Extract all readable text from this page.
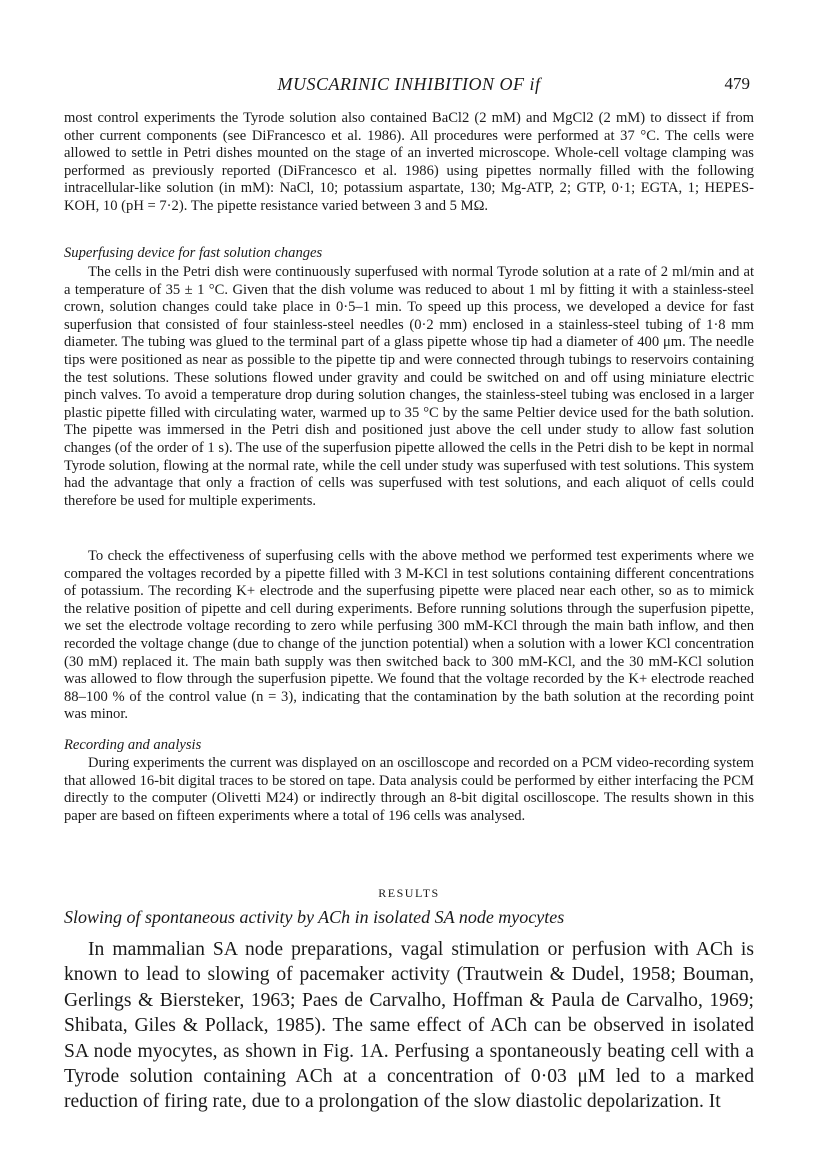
MUSCARINIC INHIBITION OF if	479

most control experiments the Tyrode solution also contained BaCl2 (2 mM) and MgCl2 (2 mM) to dissect if from other current components (see DiFrancesco et al. 1986). All procedures were performed at 37 °C. The cells were allowed to settle in Petri dishes mounted on the stage of an inverted microscope. Whole-cell voltage clamping was performed as previously reported (DiFrancesco et al. 1986) using pipettes normally filled with the following intracellular-like solution (in mM): NaCl, 10; potassium aspartate, 130; Mg-ATP, 2; GTP, 0·1; EGTA, 1; HEPES-KOH, 10 (pH = 7·2). The pipette resistance varied between 3 and 5 MΩ.

Superfusing device for fast solution changes

The cells in the Petri dish were continuously superfused with normal Tyrode solution at a rate of 2 ml/min and at a temperature of 35 ± 1 °C. Given that the dish volume was reduced to about 1 ml by fitting it with a stainless-steel crown, solution changes could take place in 0·5–1 min. To speed up this process, we developed a device for fast superfusion that consisted of four stainless-steel needles (0·2 mm) enclosed in a stainless-steel tubing of 1·8 mm diameter. The tubing was glued to the terminal part of a glass pipette whose tip had a diameter of 400 μm. The needle tips were positioned as near as possible to the pipette tip and were connected through tubings to reservoirs containing the test solutions. These solutions flowed under gravity and could be switched on and off using miniature electric pinch valves. To avoid a temperature drop during solution changes, the stainless-steel tubing was enclosed in a larger plastic pipette filled with circulating water, warmed up to 35 °C by the same Peltier device used for the bath solution. The pipette was immersed in the Petri dish and positioned just above the cell under study to allow fast solution changes (of the order of 1 s). The use of the superfusion pipette allowed the cells in the Petri dish to be kept in normal Tyrode solution, flowing at the normal rate, while the cell under study was superfused with test solutions. This system had the advantage that only a fraction of cells was superfused with test solutions, and each aliquot of cells could therefore be used for multiple experiments.

To check the effectiveness of superfusing cells with the above method we performed test experiments where we compared the voltages recorded by a pipette filled with 3 M-KCl in test solutions containing different concentrations of potassium. The recording K+ electrode and the superfusing pipette were placed near each other, so as to mimick the relative position of pipette and cell during experiments. Before running solutions through the superfusion pipette, we set the electrode voltage recording to zero while perfusing 300 mM-KCl through the main bath inflow, and then recorded the voltage change (due to change of the junction potential) when a solution with a lower KCl concentration (30 mM) replaced it. The main bath supply was then switched back to 300 mM-KCl, and the 30 mM-KCl solution was allowed to flow through the superfusion pipette. We found that the voltage recorded by the K+ electrode reached 88–100 % of the control value (n = 3), indicating that the contamination by the bath solution at the recording point was minor.

Recording and analysis

During experiments the current was displayed on an oscilloscope and recorded on a PCM video-recording system that allowed 16-bit digital traces to be stored on tape. Data analysis could be performed by either interfacing the PCM directly to the computer (Olivetti M24) or indirectly through an 8-bit digital oscilloscope. The results shown in this paper are based on fifteen experiments where a total of 196 cells was analysed.

RESULTS

Slowing of spontaneous activity by ACh in isolated SA node myocytes

In mammalian SA node preparations, vagal stimulation or perfusion with ACh is known to lead to slowing of pacemaker activity (Trautwein & Dudel, 1958; Bouman, Gerlings & Biersteker, 1963; Paes de Carvalho, Hoffman & Paula de Carvalho, 1969; Shibata, Giles & Pollack, 1985). The same effect of ACh can be observed in isolated SA node myocytes, as shown in Fig. 1A. Perfusing a spontaneously beating cell with a Tyrode solution containing ACh at a concentration of 0·03 μM led to a marked reduction of firing rate, due to a prolongation of the slow diastolic depolarization. It
